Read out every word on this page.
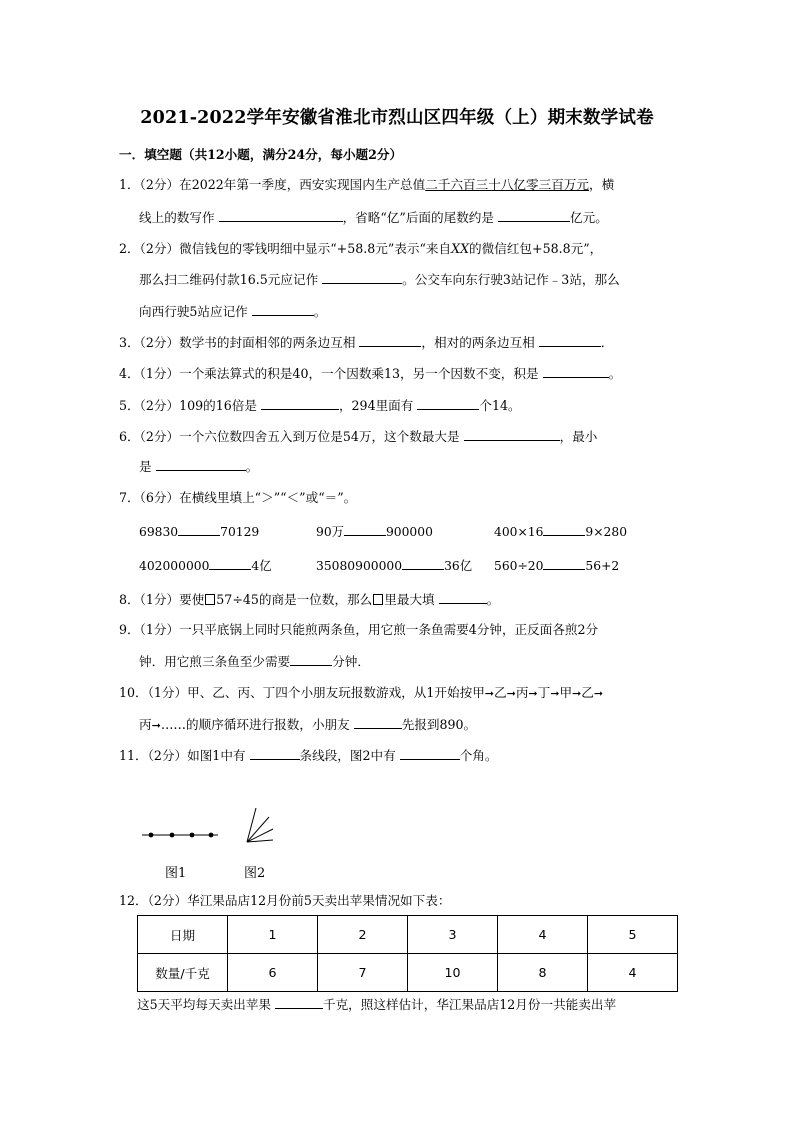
2021-2022学年安徽省淮北市烈山区四年级（上）期末数学试卷
一．填空题（共12小题，满分24分，每小题2分）
1．（2分）在2022年第一季度，西安实现国内生产总值二千六百三十八亿零三百万元，横
线上的数写作	，省略“亿”后面的尾数约是	亿元。
2．（2分）微信钱包的零钱明细中显示“+58.8元”表示“来自XX的微信红包+58.8元”，
那么扫二维码付款16.5元应记作	。公交车向东行驶3站记作﹣3站，那么
向西行驶5站应记作	。
3．（2分）数学书的封面相邻的两条边互相	，相对的两条边互相	．
4．（1分）一个乘法算式的积是40，一个因数乘13，另一个因数不变，积是	。
5．（2分）109的16倍是	，294里面有	个14。
6．（2分）一个六位数四舍五入到万位是54万，这个数最大是	，最小
是	。
7．（6分）在横线里填上“＞”“＜”或“＝”。
69830	70129	90万	900000	400×16	9×280
402000000	4亿	35080900000	36亿 560÷20	56+2
8．（1分）要使 57÷45的商是一位数，那么 里最大填	。
9．（1分）一只平底锅上同时只能煎两条鱼，用它煎一条鱼需要4分钟，正反面各煎2分
钟．用它煎三条鱼至少需要	分钟．
10．（1分）甲、乙、丙、丁四个小朋友玩报数游戏，从1开始按甲➞乙➞丙➞丁➞甲➞乙➞
丙➞……的顺序循环进行报数，小朋友	先报到890。
11．（2分）如图1中有	条线段，图2中有	个角。
图1	图2
12．（2分）华江果品店12月份前5天卖出苹果情况如下表：
日期	1	2	3	4	5
数量/千克	6	7	10	8	4
这5天平均每天卖出苹果	千克，照这样估计，华江果品店12月份一共能卖出苹
